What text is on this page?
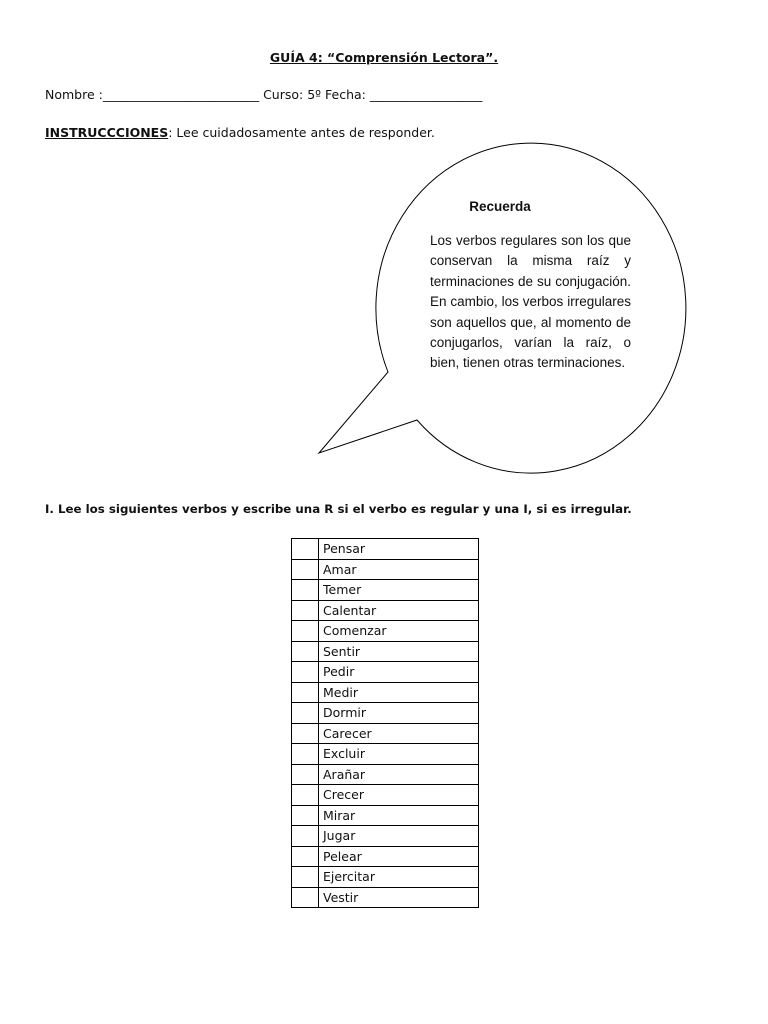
GUÍA 4: “Comprensión Lectora”.
Nombre :_________________________ Curso: 5º Fecha: __________________
INSTRUCCCIONES: Lee cuidadosamente antes de responder.
Recuerda
Los verbos regulares son los que conservan la misma raíz y terminaciones de su conjugación. En cambio, los verbos irregulares son aquellos que, al momento de conjugarlos, varían la raíz, o bien, tienen otras terminaciones.
I. Lee los siguientes verbos y escribe una R si el verbo es regular y una I, si es irregular.
	Pensar
	Amar
	Temer
	Calentar
	Comenzar
	Sentir
	Pedir
	Medir
	Dormir
	Carecer
	Excluir
	Arañar
	Crecer
	Mirar
	Jugar
	Pelear
	Ejercitar
	Vestir
